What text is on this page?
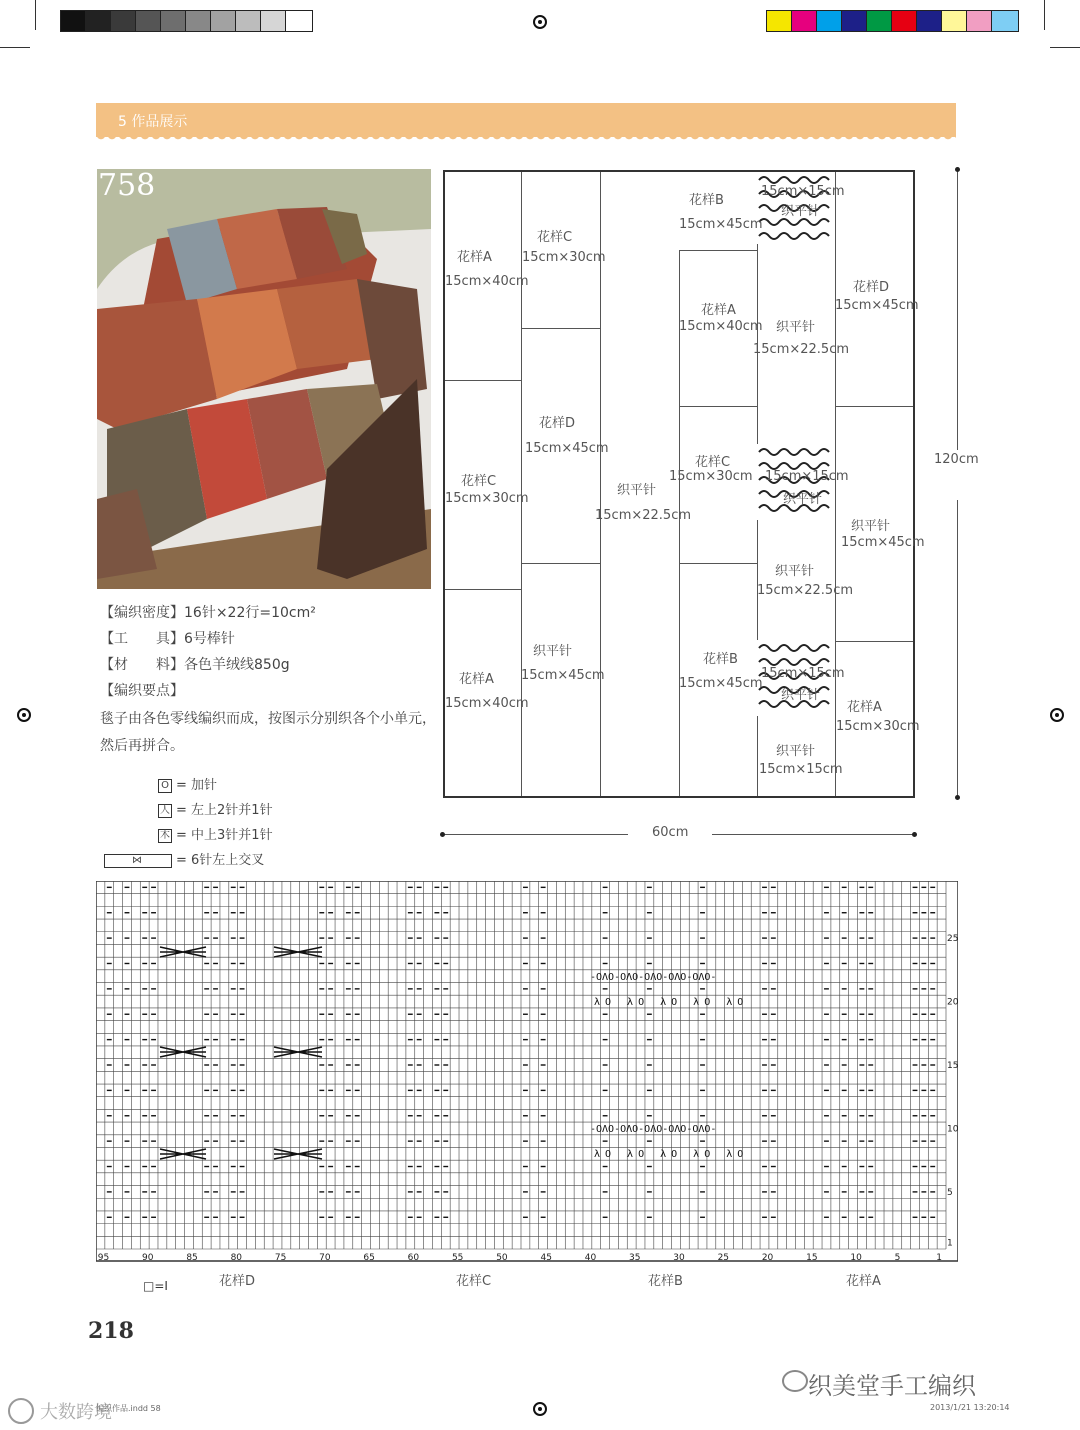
5 作品展示
758
【编织密度】16针×22行=10cm²
【工　　具】6号棒针
【材　　料】各色羊绒线850g
【编织要点】
毯子由各色零线编织而成，按图示分别织各个小单元，然后再拼合。
O = 加针
人 = 左上2针并1针
木 = 中上3针并1针
⋈ = 6针左上交叉
花样A
15cm×40cm
花样C
15cm×30cm
花样A
15cm×40cm
花样C
15cm×30cm
花样D
15cm×45cm
织平针
15cm×45cm
织平针
15cm×22.5cm
花样B
15cm×45cm
花样A
15cm×40cm
花样C
15cm×30cm
花样B
15cm×45cm
织平针
15cm×15cm
织平针
15cm×15cm
织平针
15cm×22.5cm
织平针
15cm×15cm
织平针
15cm×22.5cm
织平针
15cm×15cm
花样D
15cm×45cm
织平针
15cm×45cm
花样A
15cm×30cm
120cm
60cm
25
20
15
10
5
1
95	90	85	80	75	70	65	60	55	50	45	40	35	30	25	20	15	10	5	1
-OΛO-OΛO-OΛO-OΛO-OΛO-
λO λO λO λO λO
-OΛO-OΛO-OΛO-OΛO-OΛO-
λO λO λO λO λO
花样D	花样C	花样B	花样A
□=Ⅰ
218
织美堂手工编织
大数跨境
编织作品.indd 58	2013/1/21 13:20:14
